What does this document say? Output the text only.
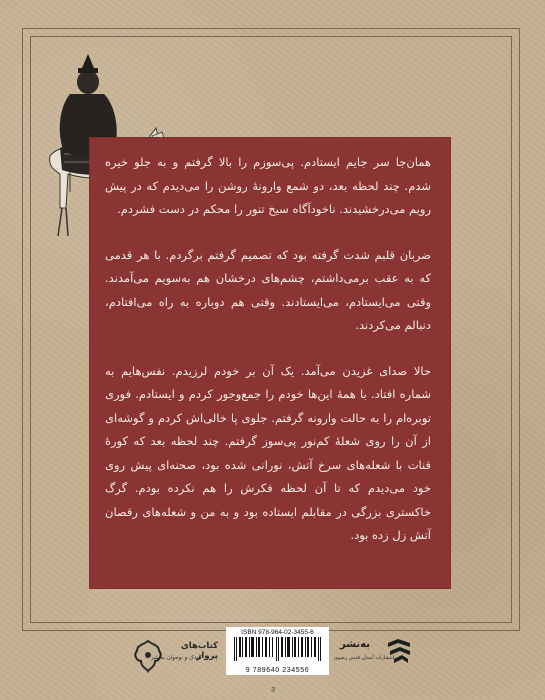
همان‌جا سر جایم ایستادم. پی‌سوزم را بالا گرفتم و به جلو خیره شدم. چند لحظه بعد، دو شمع وارونهٔ روشن را می‌دیدم که در پیش رویم می‌درخشیدند. ناخودآگاه سیخ تنور را محکم در دست فشردم.

ضربان قلبم شدت گرفته بود که تصمیم گرفتم برگردم. با هر قدمی که به عقب برمی‌داشتم، چشم‌های درخشان هم به‌سویم می‌آمدند. وقتی می‌ایستادم، می‌ایستادند. وقتی هم دوباره به راه می‌افتادم، دنبالم می‌کردند.

حالا صدای غزیدن می‌آمد. یک آن بر خودم لرزیدم. نفس‌هایم به شماره افتاد. با همهٔ این‌ها خودم را جمع‌وجور کردم و ایستادم. فوری توبره‌ام را به حالت وارونه گرفتم. جلوی پا خالی‌اش کردم و گوشه‌ای از آن را روی شعلهٔ کم‌نور پی‌سوز گرفتم. چند لحظه بعد که کورهٔ قنات با شعله‌های سرخ آتش، نورانی شده بود، صحنه‌ای پیش روی خود می‌دیدم که تا آن لحظه فکرش را هم نکرده بودم. گرگ خاکستری بزرگی در مقابلم ایستاده بود و به من و شعله‌های رقصان آتش زل زده بود.

کتاب‌های پرواز
کودک و نوجوان به‌نشر
ISBN 978-964-02-3455-6
9 789640 234556
به‌نشر
انتشارات آستان قدس رضوی
3
